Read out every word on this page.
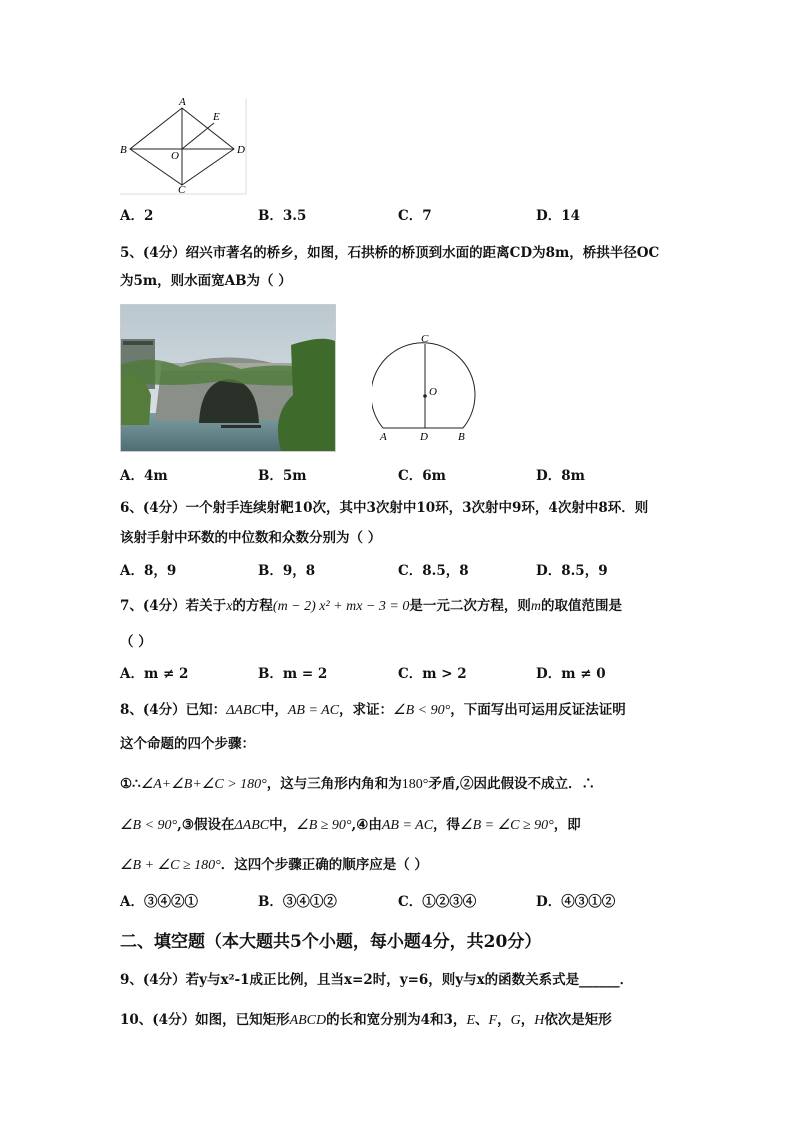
A
B	D
C
E
O
A．2	B．3.5	C．7	D．14
5、(4分）绍兴市著名的桥乡，如图，石拱桥的桥顶到水面的距离CD为8m，桥拱半径OC
为5m，则水面宽AB为（ ）
C
O
A	D	B
A．4m	B．5m	C．6m	D．8m
6、(4分）一个射手连续射靶10次，其中3次射中10环，3次射中9环，4次射中8环．则
该射手射中环数的中位数和众数分别为（ ）
A．8，9	B．9，8	C．8.5，8	D．8.5，9
7、(4分）若关于x的方程(m − 2) x² + mx − 3 = 0是一元二次方程，则m的取值范围是
（ ）
A．m ≠ 2	B．m = 2	C．m > 2	D．m ≠ 0
8、(4分）已知：ΔABC中，AB = AC，求证：∠B < 90°，下面写出可运用反证法证明
这个命题的四个步骤：
①∴∠A+∠B+∠C > 180°，这与三角形内角和为180°矛盾,②因此假设不成立．∴
∠B < 90°,③假设在ΔABC中，∠B ≥ 90°,④由AB = AC，得∠B = ∠C ≥ 90°，即
∠B + ∠C ≥ 180°．这四个步骤正确的顺序应是（ ）
A．③④②①	B．③④①②	C．①②③④	D．④③①②
二、填空题（本大题共5个小题，每小题4分，共20分）
9、(4分）若y与x²-1成正比例，且当x=2时，y=6，则y与x的函数关系式是______．
10、(4分）如图，已知矩形ABCD的长和宽分别为4和3，E、F，G，H依次是矩形
